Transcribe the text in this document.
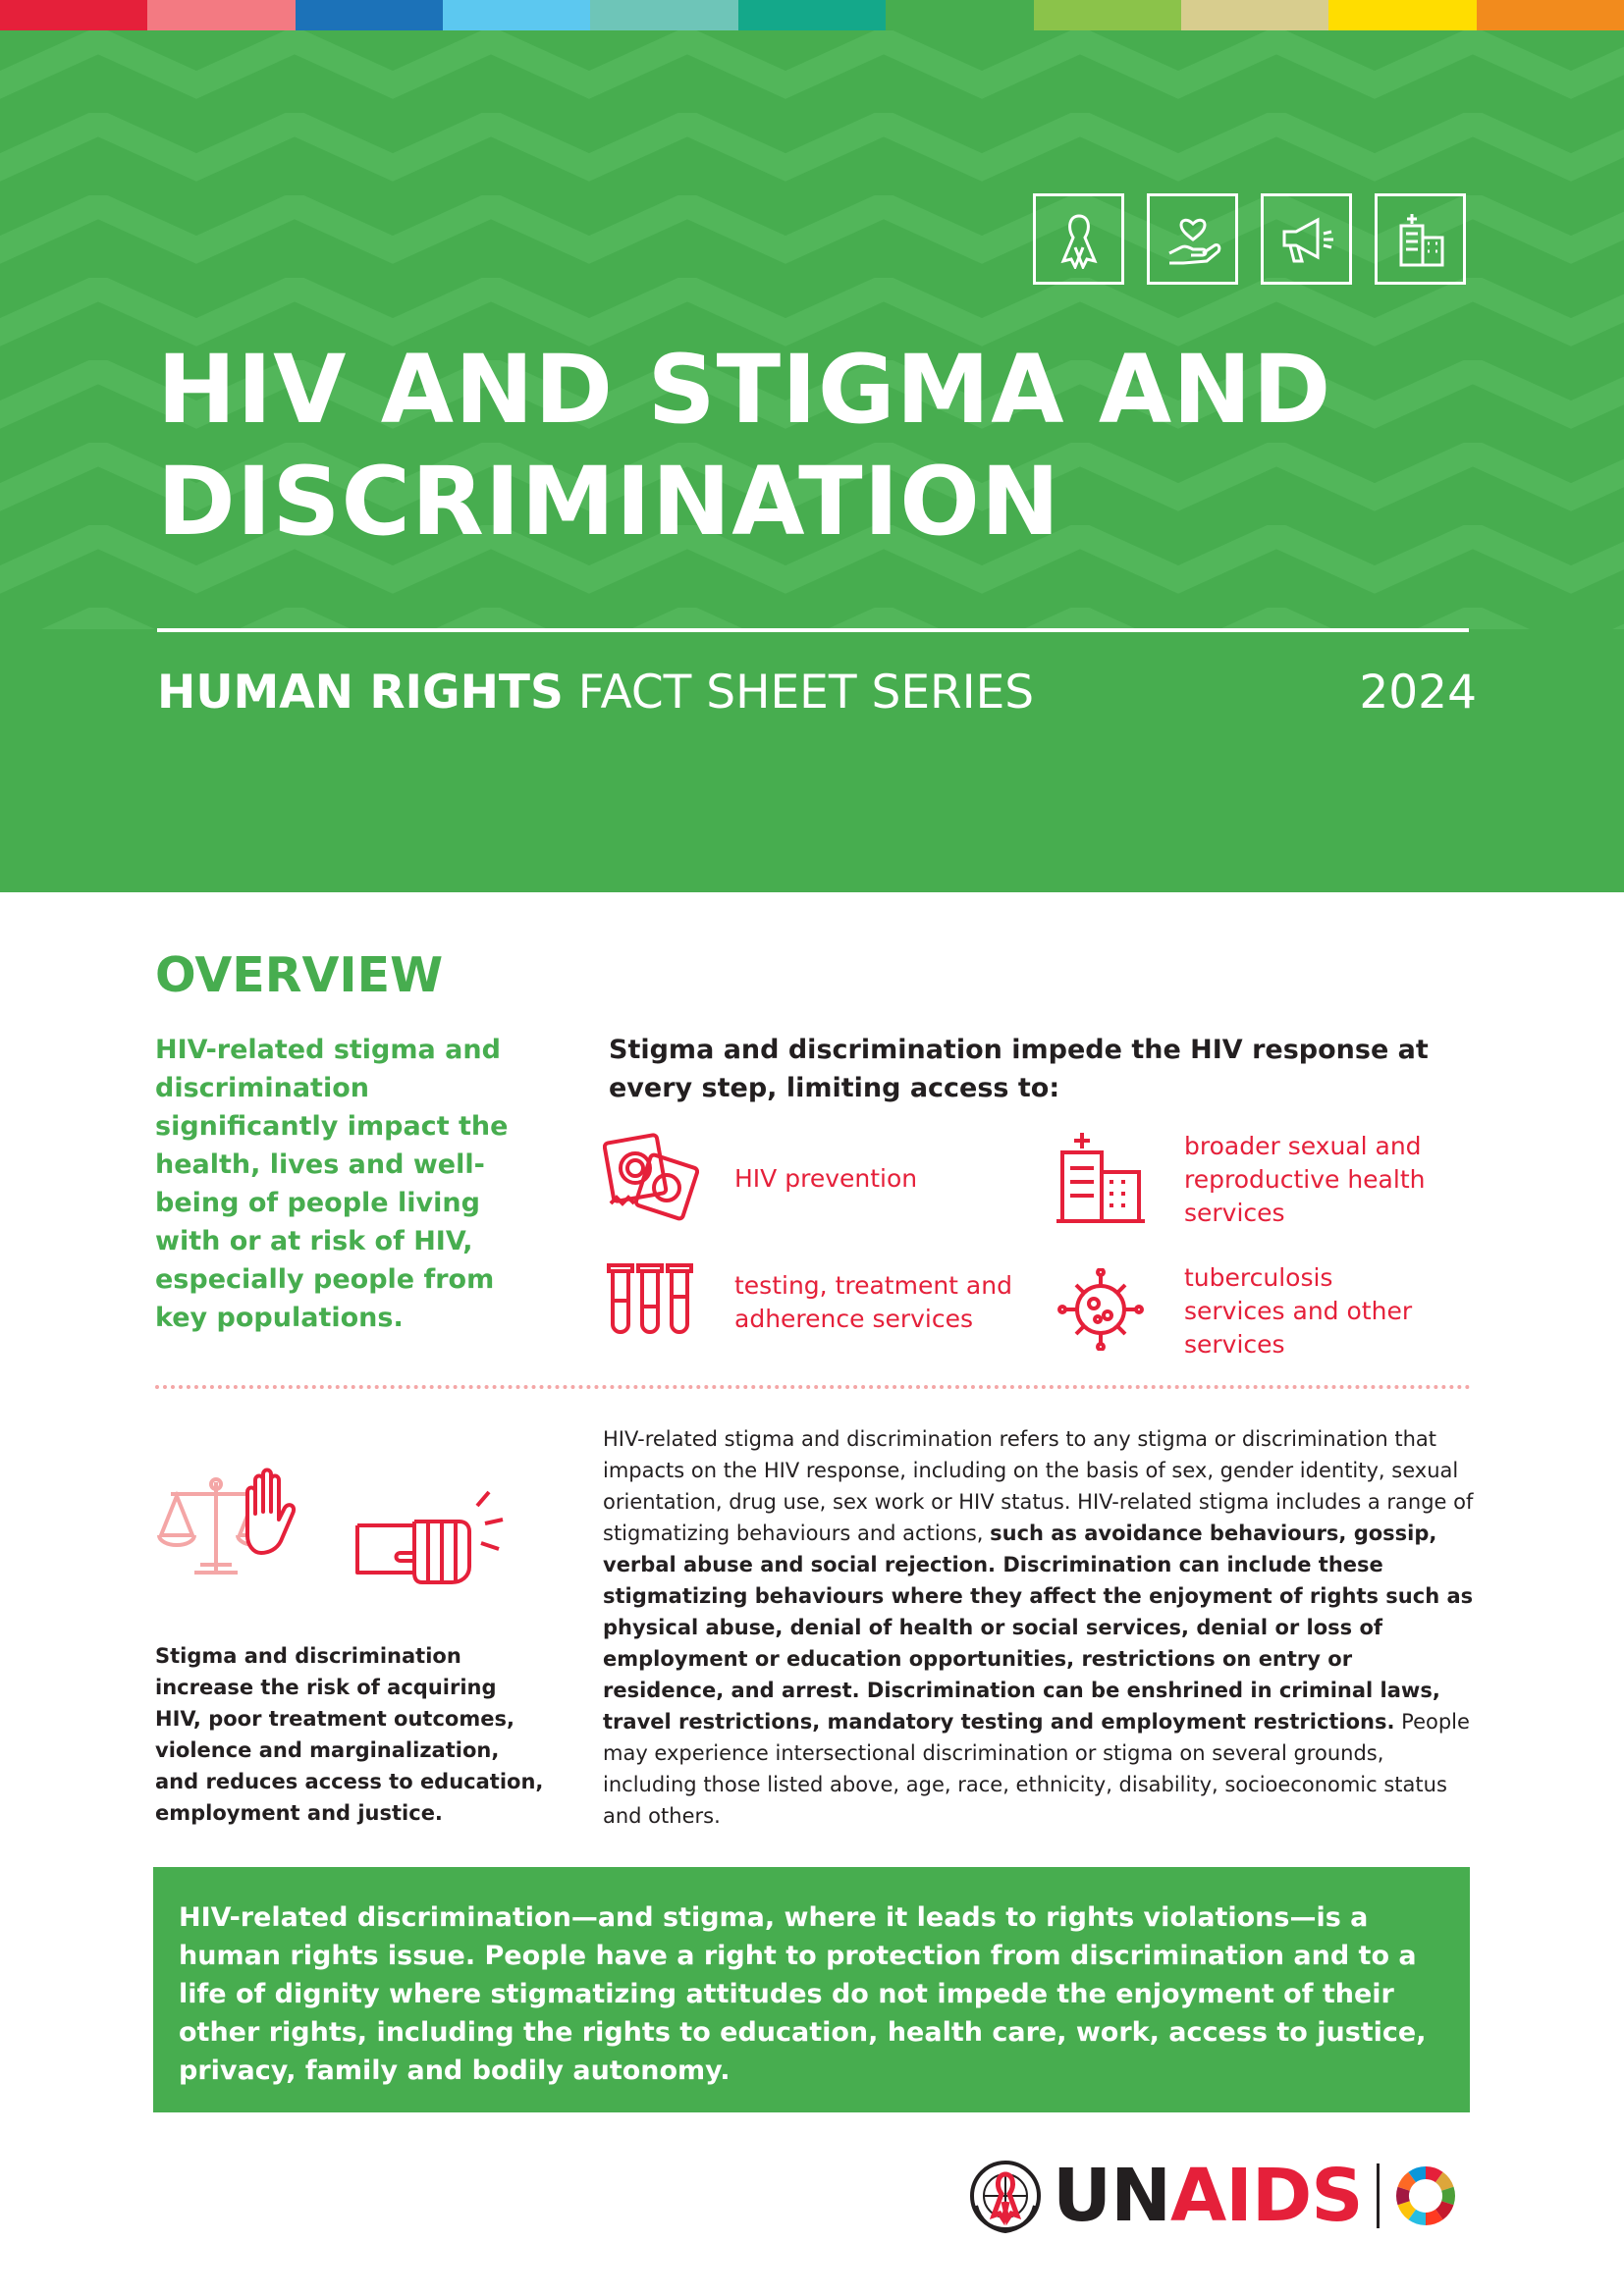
HIV AND STIGMA AND
DISCRIMINATION
HUMAN RIGHTS FACT SHEET SERIES	2024
OVERVIEW
HIV-related stigma and discrimination significantly impact the health, lives and well-being of people living with or at risk of HIV, especially people from key populations.
Stigma and discrimination impede the HIV response at every step, limiting access to:
HIV prevention
broader sexual and reproductive health services
testing, treatment and adherence services
tuberculosis services and other services
Stigma and discrimination increase the risk of acquiring HIV, poor treatment outcomes, violence and marginalization, and reduces access to education, employment and justice.
HIV-related stigma and discrimination refers to any stigma or discrimination that impacts on the HIV response, including on the basis of sex, gender identity, sexual orientation, drug use, sex work or HIV status. HIV-related stigma includes a range of stigmatizing behaviours and actions, such as avoidance behaviours, gossip, verbal abuse and social rejection. Discrimination can include these stigmatizing behaviours where they affect the enjoyment of rights such as physical abuse, denial of health or social services, denial or loss of employment or education opportunities, restrictions on entry or residence, and arrest. Discrimination can be enshrined in criminal laws, travel restrictions, mandatory testing and employment restrictions. People may experience intersectional discrimination or stigma on several grounds, including those listed above, age, race, ethnicity, disability, socioeconomic status and others.

HIV-related discrimination—and stigma, where it leads to rights violations—is a human rights issue. People have a right to protection from discrimination and to a life of dignity where stigmatizing attitudes do not impede the enjoyment of their other rights, including the rights to education, health care, work, access to justice, privacy, family and bodily autonomy.

UNAIDS
